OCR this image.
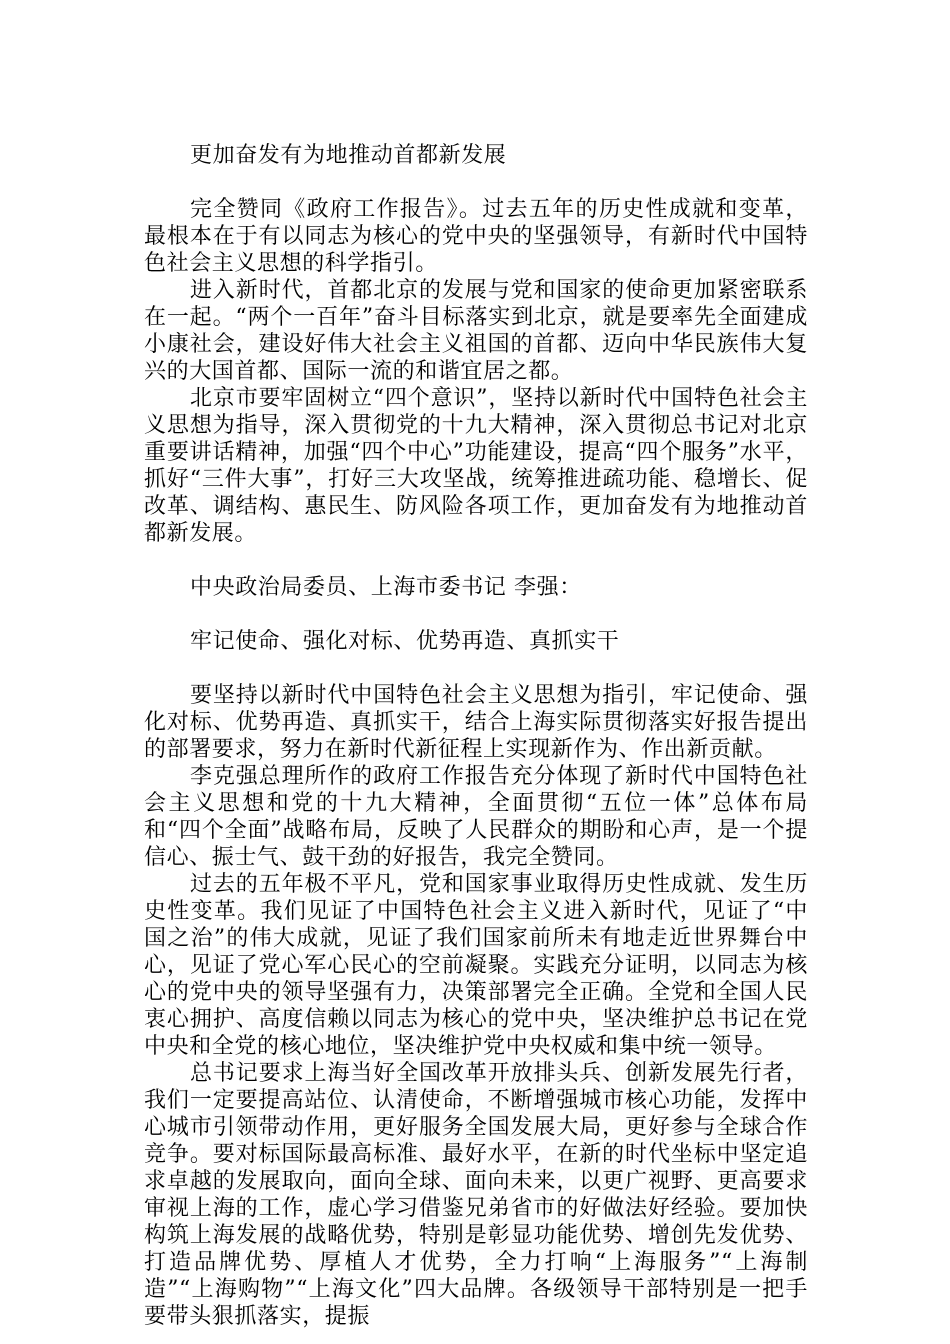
更加奋发有为地推动首都新发展

完全赞同《政府工作报告》。过去五年的历史性成就和变革，最根本在于有以同志为核心的党中央的坚强领导，有新时代中国特色社会主义思想的科学指引。

进入新时代，首都北京的发展与党和国家的使命更加紧密联系在一起。“两个一百年”奋斗目标落实到北京，就是要率先全面建成小康社会，建设好伟大社会主义祖国的首都、迈向中华民族伟大复兴的大国首都、国际一流的和谐宜居之都。

北京市要牢固树立“四个意识”，坚持以新时代中国特色社会主义思想为指导，深入贯彻党的十九大精神，深入贯彻总书记对北京重要讲话精神，加强“四个中心”功能建设，提高“四个服务”水平，抓好“三件大事”，打好三大攻坚战，统筹推进疏功能、稳增长、促改革、调结构、惠民生、防风险各项工作，更加奋发有为地推动首都新发展。

中央政治局委员、上海市委书记 李强：

牢记使命、强化对标、优势再造、真抓实干

要坚持以新时代中国特色社会主义思想为指引，牢记使命、强化对标、优势再造、真抓实干，结合上海实际贯彻落实好报告提出的部署要求，努力在新时代新征程上实现新作为、作出新贡献。

李克强总理所作的政府工作报告充分体现了新时代中国特色社会主义思想和党的十九大精神，全面贯彻“五位一体”总体布局和“四个全面”战略布局，反映了人民群众的期盼和心声，是一个提信心、振士气、鼓干劲的好报告，我完全赞同。

过去的五年极不平凡，党和国家事业取得历史性成就、发生历史性变革。我们见证了中国特色社会主义进入新时代，见证了“中国之治”的伟大成就，见证了我们国家前所未有地走近世界舞台中心，见证了党心军心民心的空前凝聚。实践充分证明，以同志为核心的党中央的领导坚强有力，决策部署完全正确。全党和全国人民衷心拥护、高度信赖以同志为核心的党中央，坚决维护总书记在党中央和全党的核心地位，坚决维护党中央权威和集中统一领导。

总书记要求上海当好全国改革开放排头兵、创新发展先行者，我们一定要提高站位、认清使命，不断增强城市核心功能，发挥中心城市引领带动作用，更好服务全国发展大局，更好参与全球合作竞争。要对标国际最高标准、最好水平，在新的时代坐标中坚定追求卓越的发展取向，面向全球、面向未来，以更广视野、更高要求审视上海的工作，虚心学习借鉴兄弟省市的好做法好经验。要加快构筑上海发展的战略优势，特别是彰显功能优势、增创先发优势、打造品牌优势、厚植人才优势，全力打响“上海服务”“上海制造”“上海购物”“上海文化”四大品牌。各级领导干部特别是一把手要带头狠抓落实，提振
